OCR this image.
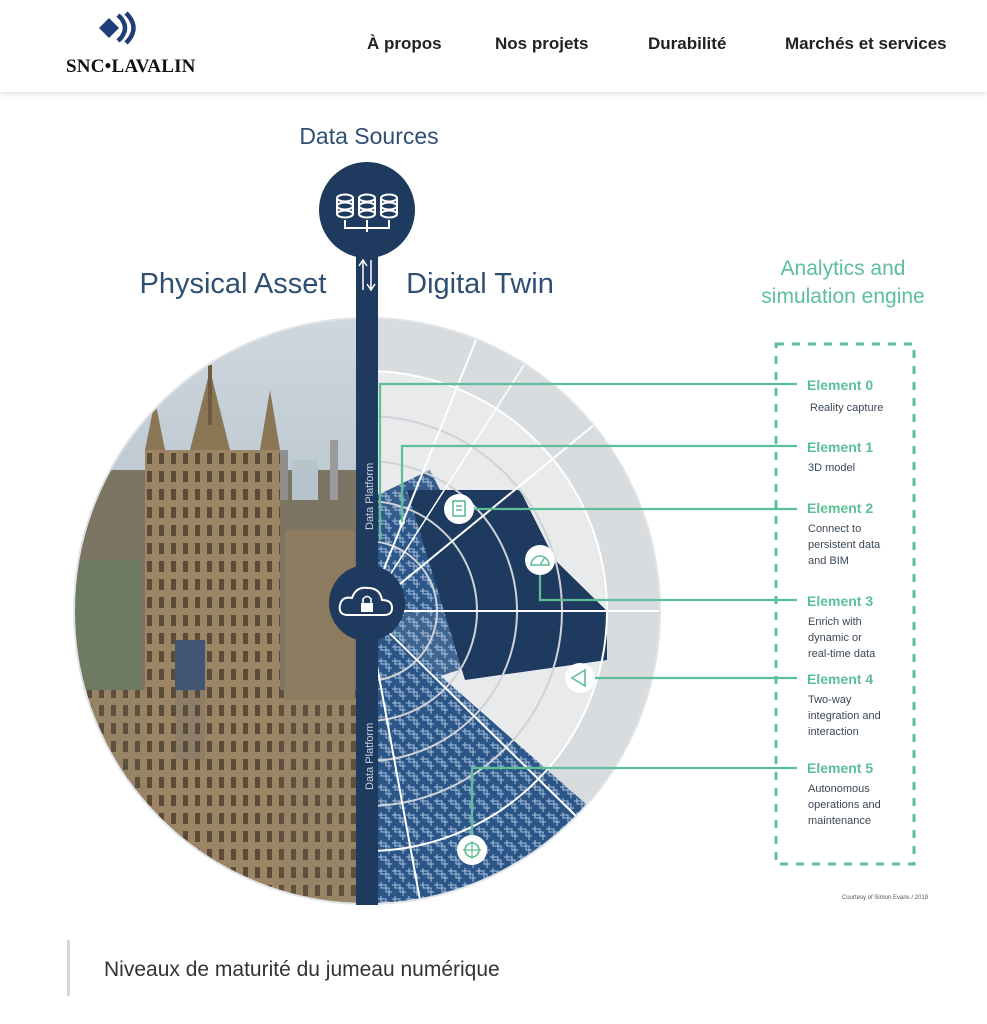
SNC•LAVALIN
À propos	Nos projets	Durabilité	Marchés et services
Data Sources
Physical Asset	Digital Twin	Analytics and
simulation engine
Data Platform
Data Platform
Element 0
Reality capture
Element 1
3D model
Element 2
Connect to
persistent data
and BIM
Element 3
Enrich with
dynamic or
real-time data
Element 4
Two-way
integration and
interaction
Element 5
Autonomous
operations and
maintenance
Courtesy of Simon Evans / 2019
Niveaux de maturité du jumeau numérique
